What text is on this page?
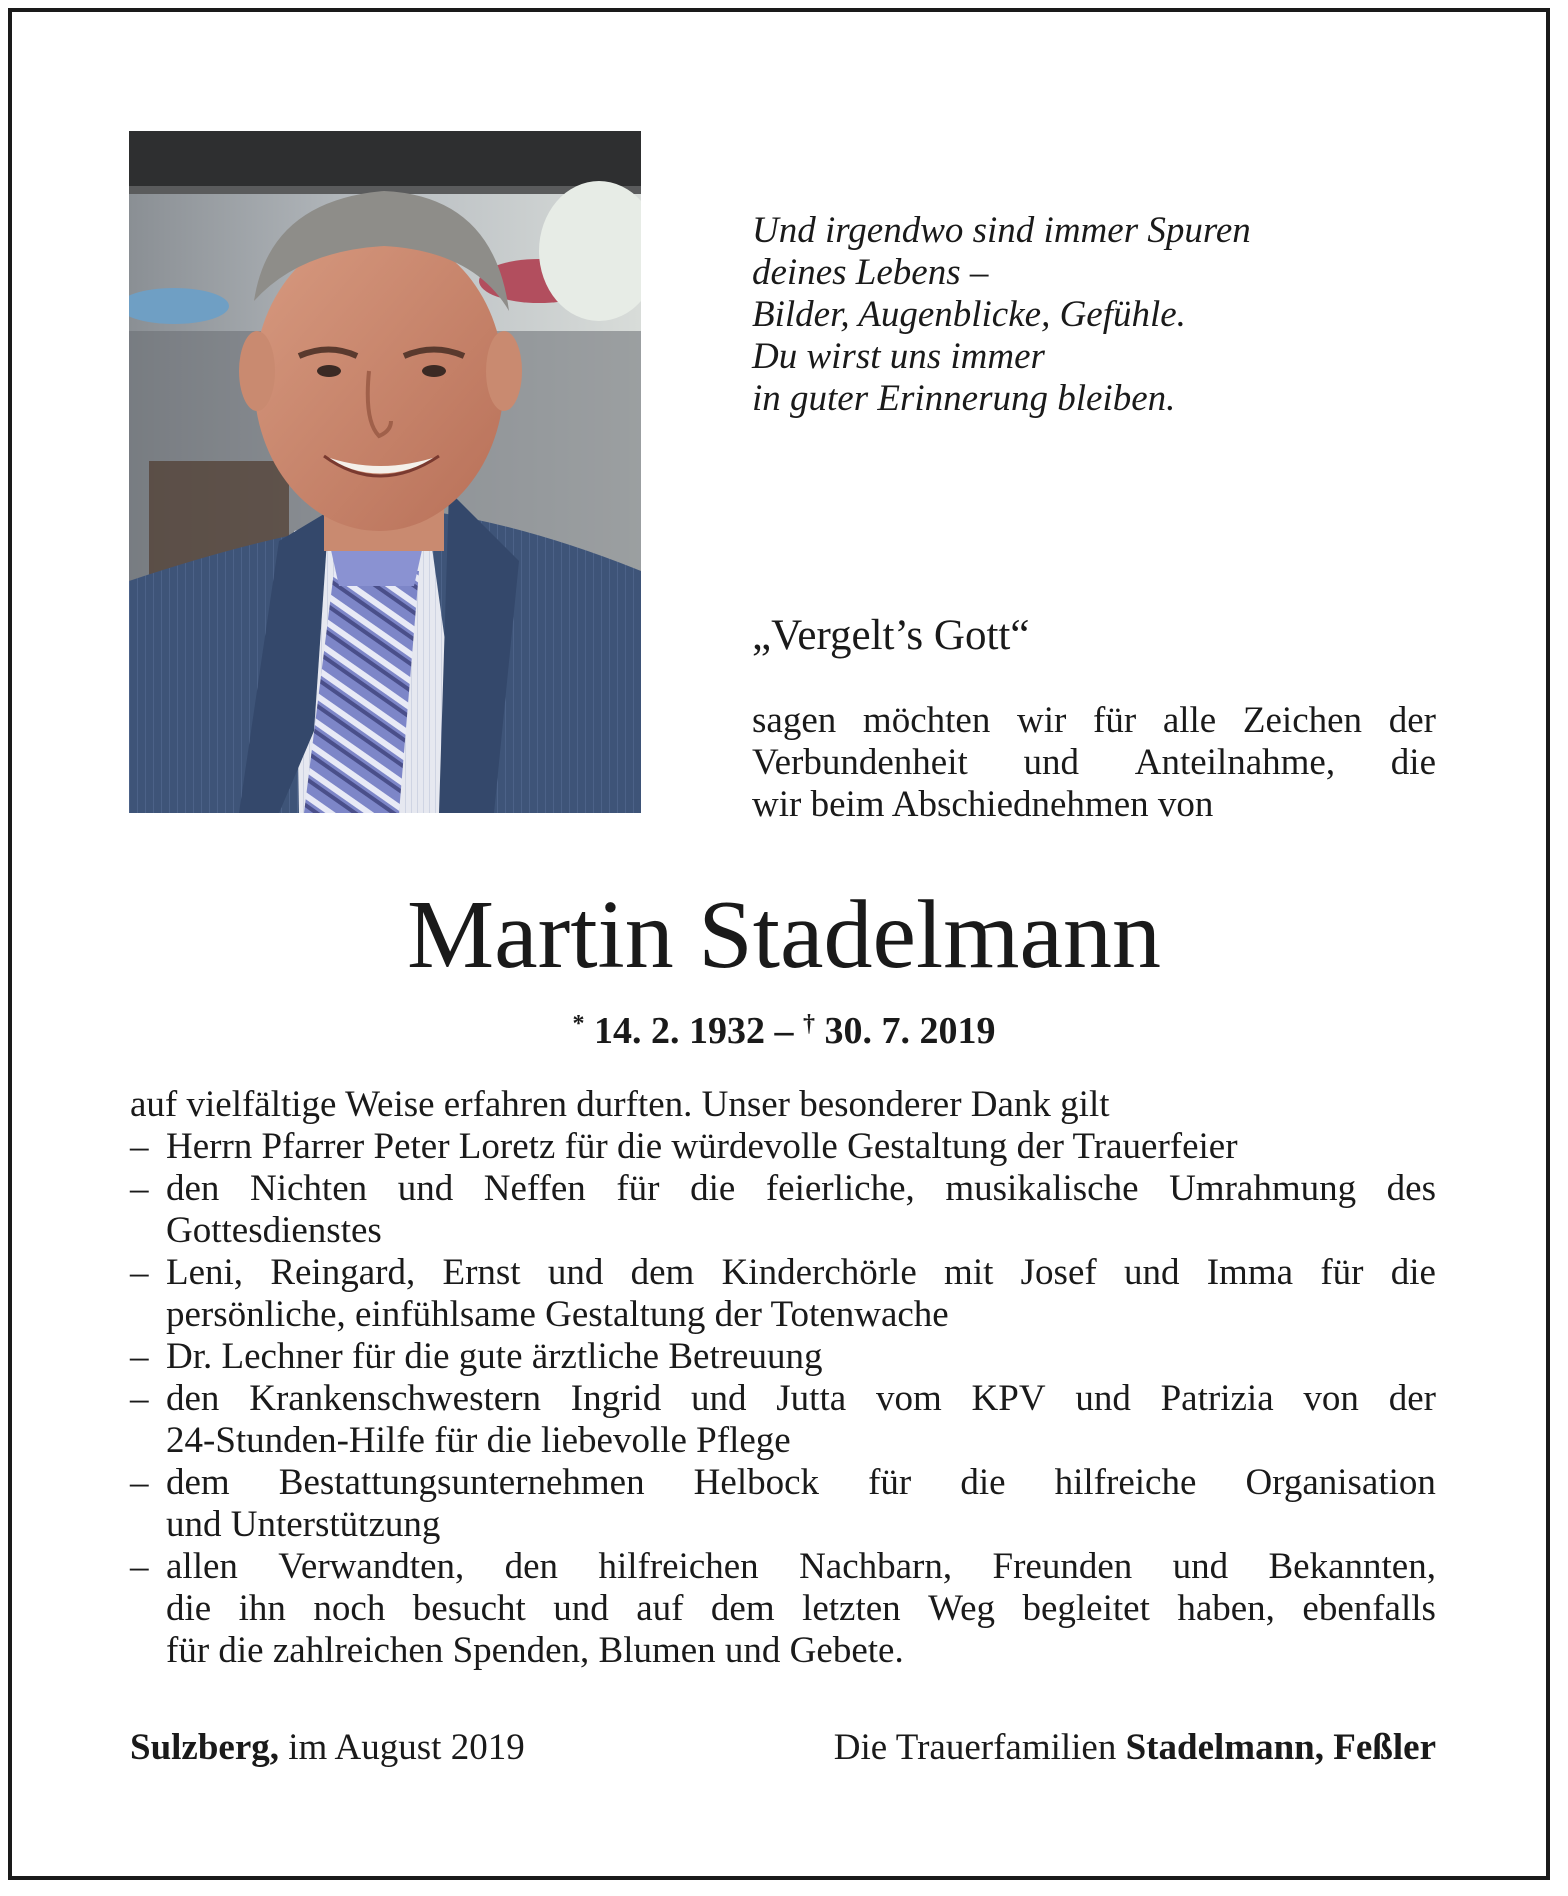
Und irgendwo sind immer Spuren
deines Lebens –
Bilder, Augenblicke, Gefühle.
Du wirst uns immer
in guter Erinnerung bleiben.
„Vergelt’s Gott“
sagen möchten wir für alle Zeichen der
Verbundenheit und Anteilnahme, die
wir beim Abschiednehmen von
Martin Stadelmann
* 14. 2. 1932 – † 30. 7. 2019
auf vielfältige Weise erfahren durften. Unser besonderer Dank gilt
– Herrn Pfarrer Peter Loretz für die würdevolle Gestaltung der Trauerfeier
– den Nichten und Neffen für die feierliche, musikalische Umrahmung des
Gottesdienstes
– Leni, Reingard, Ernst und dem Kinderchörle mit Josef und Imma für die
persönliche, einfühlsame Gestaltung der Totenwache
– Dr. Lechner für die gute ärztliche Betreuung
– den Krankenschwestern Ingrid und Jutta vom KPV und Patrizia von der
24-Stunden-Hilfe für die liebevolle Pflege
– dem Bestattungsunternehmen Helbock für die hilfreiche Organisation
und Unterstützung
– allen Verwandten, den hilfreichen Nachbarn, Freunden und Bekannten,
die ihn noch besucht und auf dem letzten Weg begleitet haben, ebenfalls
für die zahlreichen Spenden, Blumen und Gebete.
Sulzberg, im August 2019	Die Trauerfamilien Stadelmann, Feßler
